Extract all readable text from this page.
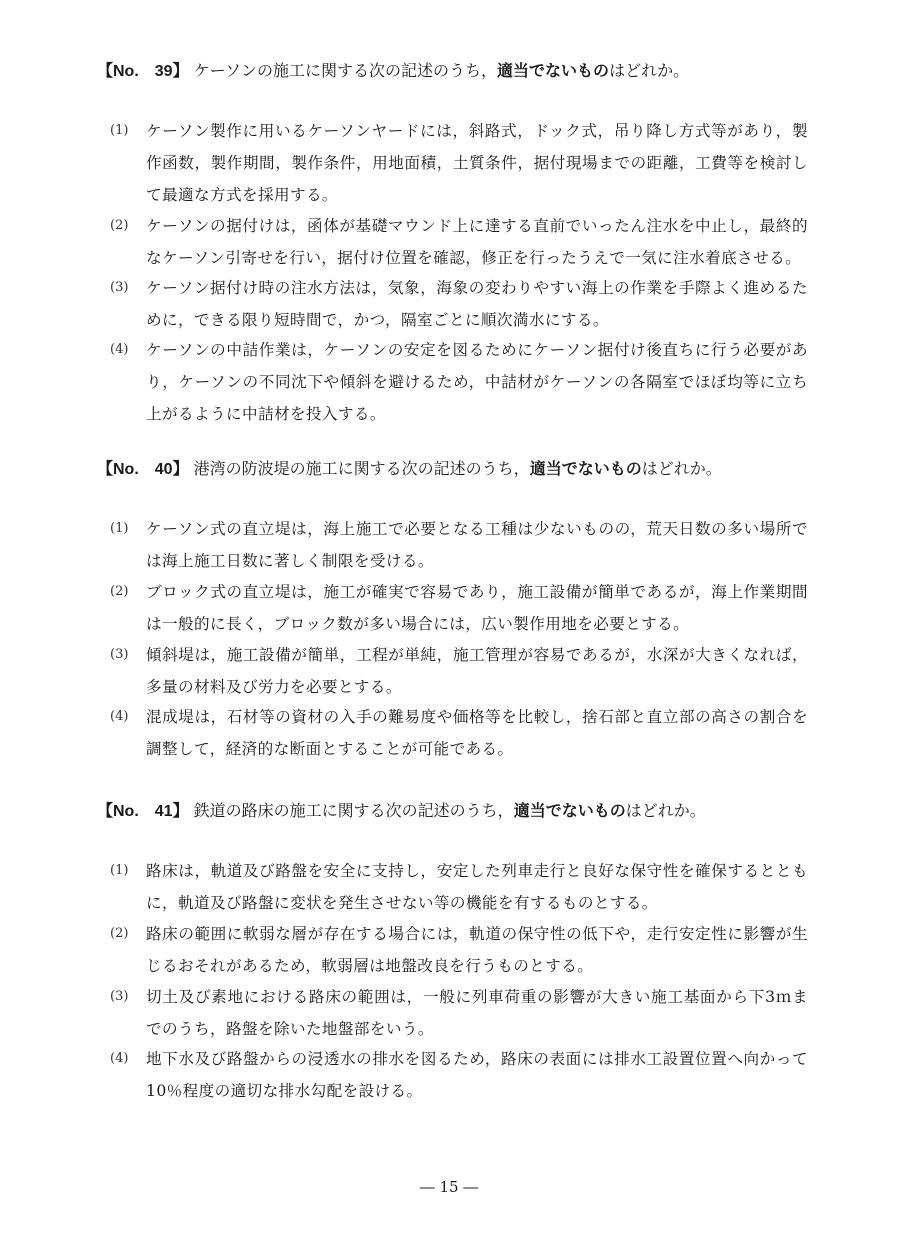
【No.　39】 ケーソンの施工に関する次の記述のうち，適当でないものはどれか。
(1)	ケーソン製作に用いるケーソンヤードには，斜路式，ドック式，吊り降し方式等があり，製作函数，製作期間，製作条件，用地面積，土質条件，据付現場までの距離，工費等を検討して最適な方式を採用する。
(2)	ケーソンの据付けは，函体が基礎マウンド上に達する直前でいったん注水を中止し，最終的なケーソン引寄せを行い，据付け位置を確認，修正を行ったうえで一気に注水着底させる。
(3)	ケーソン据付け時の注水方法は，気象，海象の変わりやすい海上の作業を手際よく進めるために，できる限り短時間で，かつ，隔室ごとに順次満水にする。
(4)	ケーソンの中詰作業は，ケーソンの安定を図るためにケーソン据付け後直ちに行う必要があり，ケーソンの不同沈下や傾斜を避けるため，中詰材がケーソンの各隔室でほぼ均等に立ち上がるように中詰材を投入する。
【No.　40】 港湾の防波堤の施工に関する次の記述のうち，適当でないものはどれか。
(1)	ケーソン式の直立堤は，海上施工で必要となる工種は少ないものの，荒天日数の多い場所では海上施工日数に著しく制限を受ける。
(2)	ブロック式の直立堤は，施工が確実で容易であり，施工設備が簡単であるが，海上作業期間は一般的に長く，ブロック数が多い場合には，広い製作用地を必要とする。
(3)	傾斜堤は，施工設備が簡単，工程が単純，施工管理が容易であるが，水深が大きくなれば，多量の材料及び労力を必要とする。
(4)	混成堤は，石材等の資材の入手の難易度や価格等を比較し，捨石部と直立部の高さの割合を調整して，経済的な断面とすることが可能である。
【No.　41】 鉄道の路床の施工に関する次の記述のうち，適当でないものはどれか。
(1)	路床は，軌道及び路盤を安全に支持し，安定した列車走行と良好な保守性を確保するとともに，軌道及び路盤に変状を発生させない等の機能を有するものとする。
(2)	路床の範囲に軟弱な層が存在する場合には，軌道の保守性の低下や，走行安定性に影響が生じるおそれがあるため，軟弱層は地盤改良を行うものとする。
(3)	切土及び素地における路床の範囲は，一般に列車荷重の影響が大きい施工基面から下3ｍまでのうち，路盤を除いた地盤部をいう。
(4)	地下水及び路盤からの浸透水の排水を図るため，路床の表面には排水工設置位置へ向かって10％程度の適切な排水勾配を設ける。
― 15 ―
